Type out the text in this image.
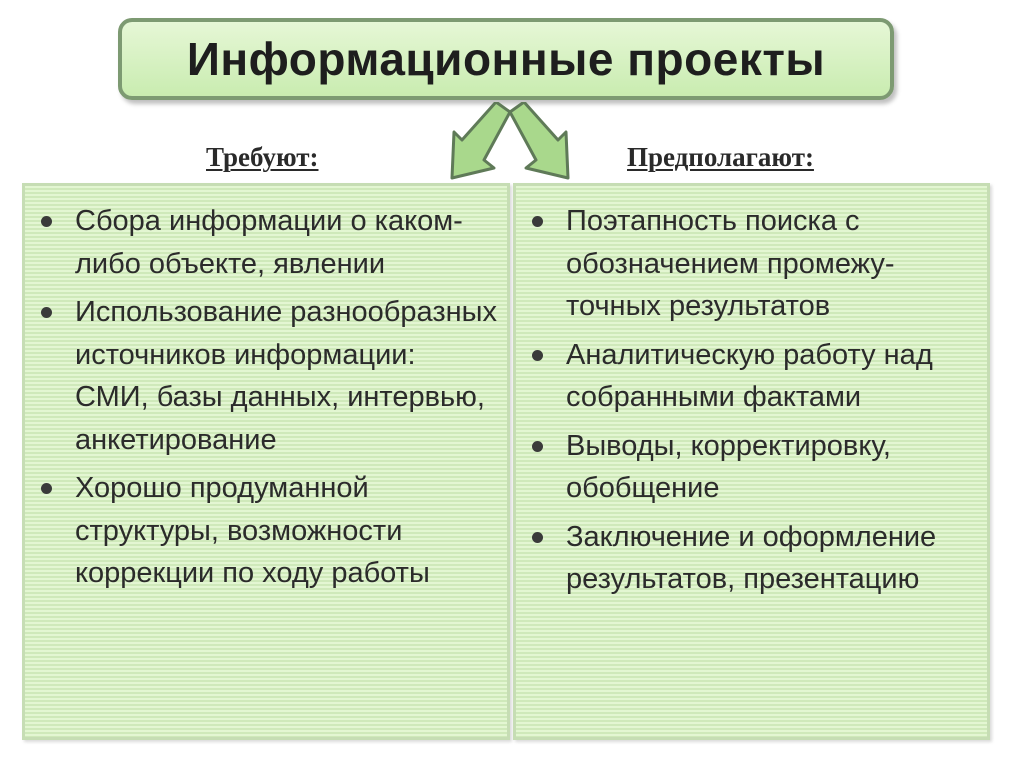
Информационные проекты
Требуют:	Предполагают:
Сбора информации о каком-либо объекте, явлении
Использование разнообразных источников информации: СМИ, базы данных, интервью, анкетирование
Хорошо продуманной структуры, возможности коррекции по ходу работы
Поэтапность поиска с обозначением промежу-точных результатов
Аналитическую работу над собранными фактами
Выводы, корректировку, обобщение
Заключение и оформление результатов, презентацию
